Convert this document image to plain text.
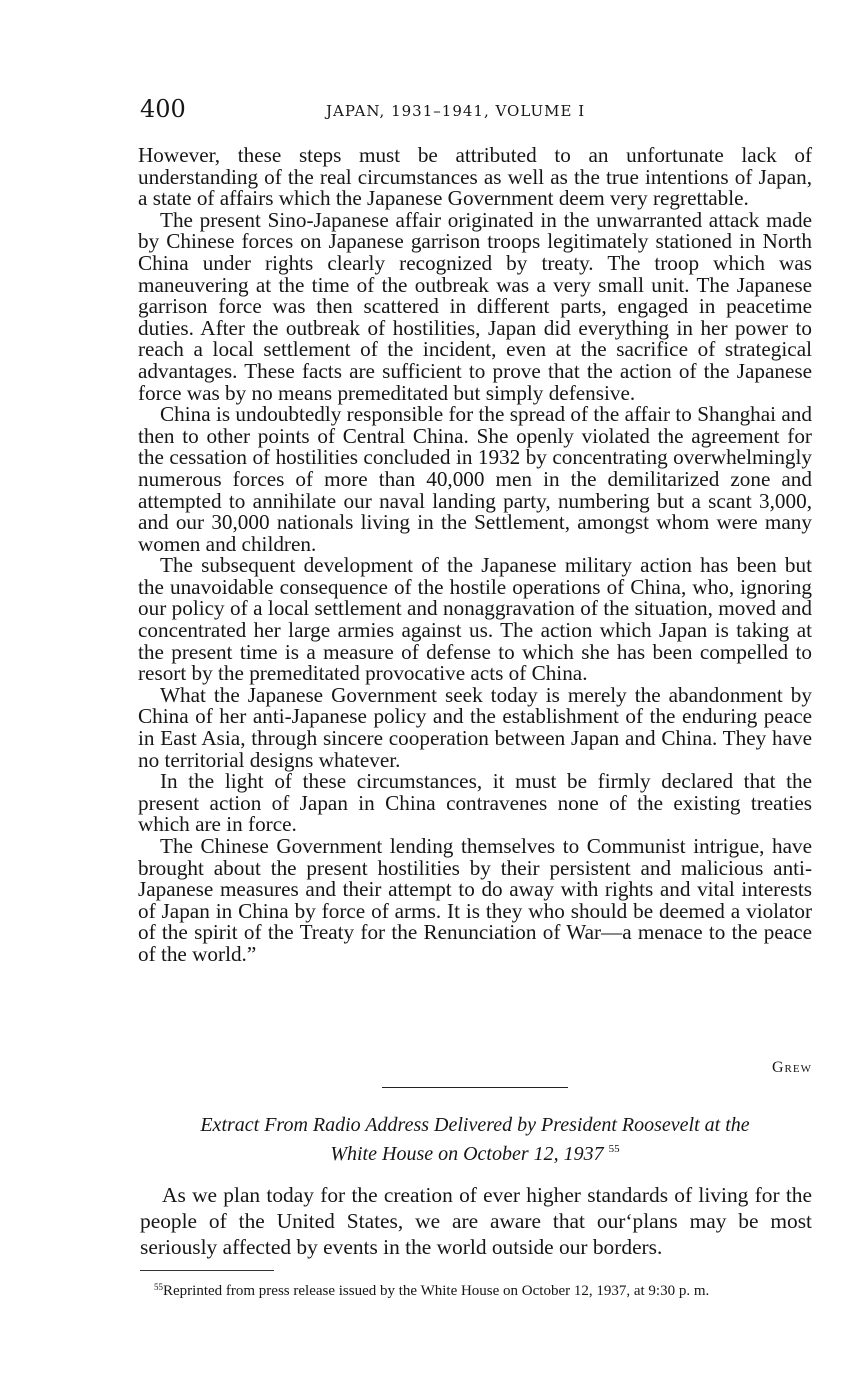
400	JAPAN, 1931–1941, VOLUME I

However, these steps must be attributed to an unfortunate lack of understanding of the real circumstances as well as the true intentions of Japan, a state of affairs which the Japanese Government deem very regrettable.

The present Sino-Japanese affair originated in the unwarranted attack made by Chinese forces on Japanese garrison troops legitimately stationed in North China under rights clearly recognized by treaty. The troop which was maneuvering at the time of the outbreak was a very small unit. The Japanese garrison force was then scattered in different parts, engaged in peacetime duties. After the outbreak of hostilities, Japan did everything in her power to reach a local settlement of the incident, even at the sacrifice of strategical advantages. These facts are sufficient to prove that the action of the Japanese force was by no means premeditated but simply defensive.

China is undoubtedly responsible for the spread of the affair to Shanghai and then to other points of Central China. She openly violated the agreement for the cessation of hostilities concluded in 1932 by concentrating overwhelmingly numerous forces of more than 40,000 men in the demilitarized zone and attempted to annihilate our naval landing party, numbering but a scant 3,000, and our 30,000 nationals living in the Settlement, amongst whom were many women and children.

The subsequent development of the Japanese military action has been but the unavoidable consequence of the hostile operations of China, who, ignoring our policy of a local settlement and nonaggravation of the situation, moved and concentrated her large armies against us. The action which Japan is taking at the present time is a measure of defense to which she has been compelled to resort by the premeditated provocative acts of China.

What the Japanese Government seek today is merely the abandonment by China of her anti-Japanese policy and the establishment of the enduring peace in East Asia, through sincere cooperation between Japan and China. They have no territorial designs whatever.

In the light of these circumstances, it must be firmly declared that the present action of Japan in China contravenes none of the existing treaties which are in force.

The Chinese Government lending themselves to Communist intrigue, have brought about the present hostilities by their persistent and malicious anti-Japanese measures and their attempt to do away with rights and vital interests of Japan in China by force of arms. It is they who should be deemed a violator of the spirit of the Treaty for the Renunciation of War—a menace to the peace of the world.”

Grew
Extract From Radio Address Delivered by President Roosevelt at the
White House on October 12, 1937 $^{55}$

As we plan today for the creation of ever higher standards of living for the people of the United States, we are aware that our‘plans may be most seriously affected by events in the world outside our borders.

$^{55}$Reprinted from press release issued by the White House on October 12, 1937, at 9:30 p. m.
